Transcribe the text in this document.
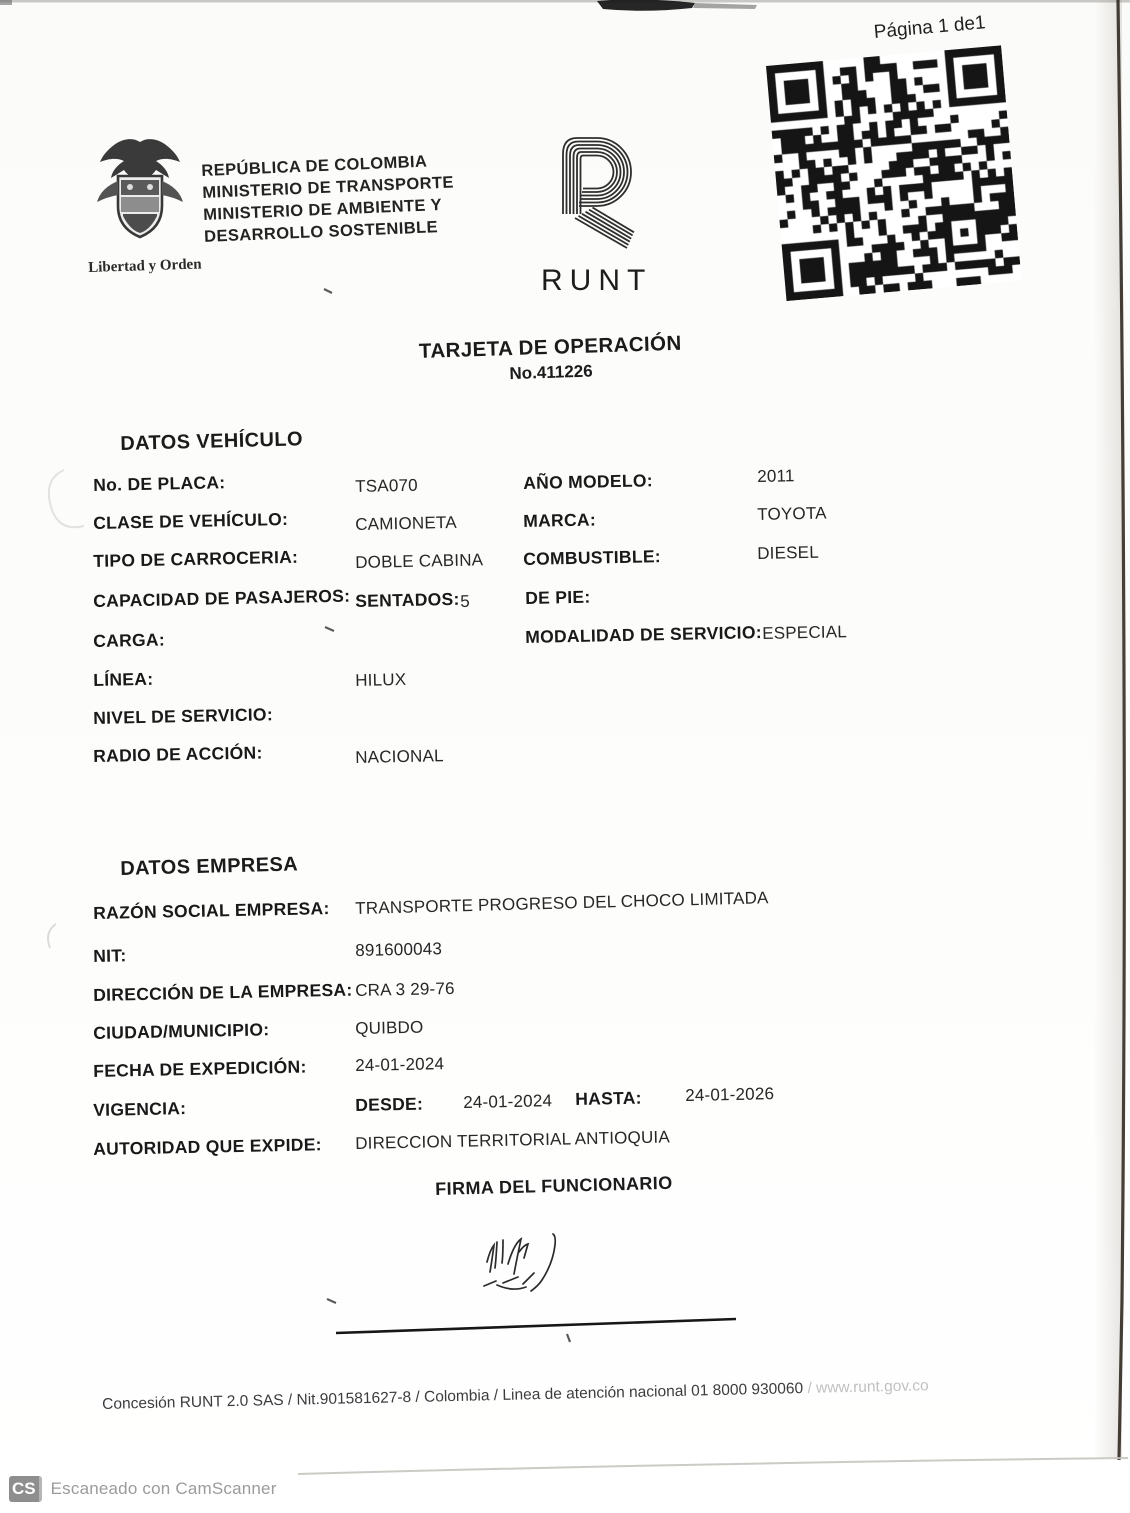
Página 1 de1
Libertad y Orden
REPÚBLICA DE COLOMBIA
MINISTERIO DE TRANSPORTE
MINISTERIO DE AMBIENTE Y
DESARROLLO SOSTENIBLE
RUNT
TARJETA DE OPERACIÓN
No.411226
DATOS VEHÍCULO
No. DE PLACA:	TSA070	AÑO MODELO:	2011
CLASE DE VEHÍCULO:	CAMIONETA	MARCA:	TOYOTA
TIPO DE CARROCERIA:	DOBLE CABINA COMBUSTIBLE:	DIESEL
CAPACIDAD DE PASAJEROS: SENTADOS: 5	DE PIE:
CARGA:	MODALIDAD DE SERVICIO: ESPECIAL
LÍNEA:	HILUX
NIVEL DE SERVICIO:
RADIO DE ACCIÓN:	NACIONAL
DATOS EMPRESA
RAZÓN SOCIAL EMPRESA: TRANSPORTE PROGRESO DEL CHOCO LIMITADA
NIT:	891600043
DIRECCIÓN DE LA EMPRESA: CRA 3 29-76
CIUDAD/MUNICIPIO:	QUIBDO
FECHA DE EXPEDICIÓN:	24-01-2024
VIGENCIA:	DESDE: 24-01-2024 HASTA:	24-01-2026
AUTORIDAD QUE EXPIDE: DIRECCION TERRITORIAL ANTIOQUIA
FIRMA DEL FUNCIONARIO
Concesión RUNT 2.0 SAS / Nit.901581627-8 / Colombia / Linea de atención nacional 01 8000 930060 / www.runt.gov.co
CS Escaneado con CamScanner
